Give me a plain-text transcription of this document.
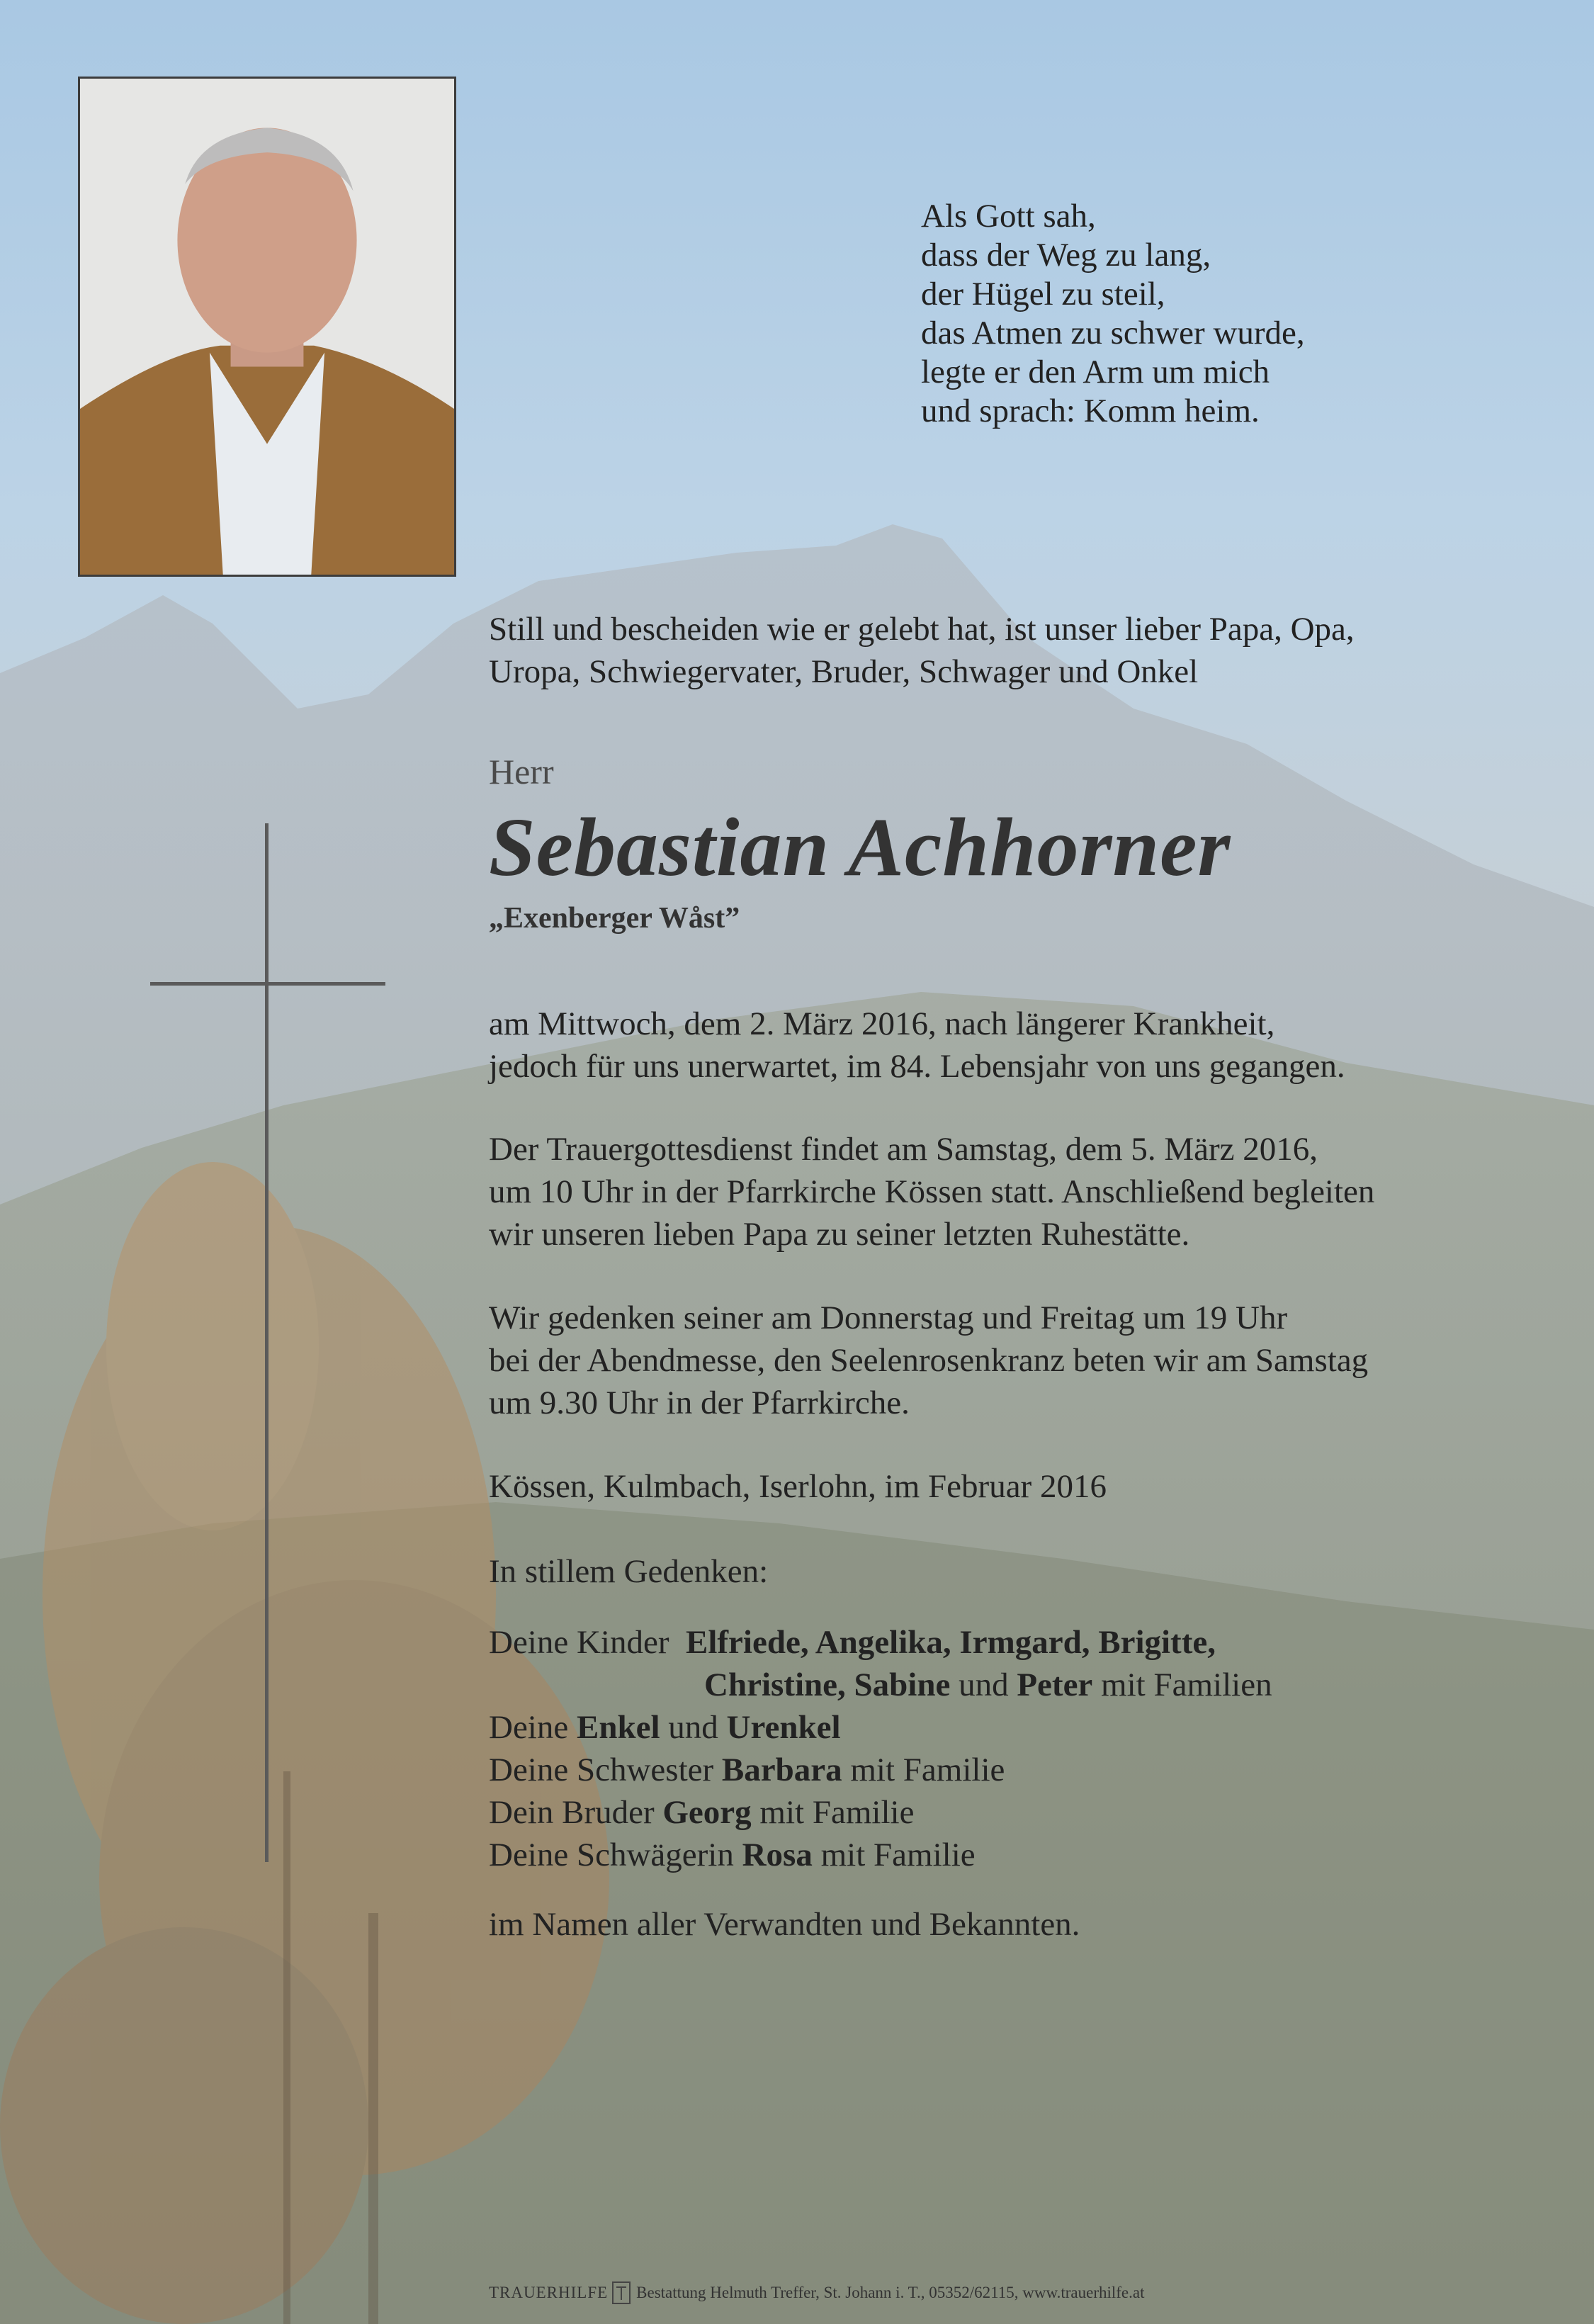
Als Gott sah,
dass der Weg zu lang,
der Hügel zu steil,
das Atmen zu schwer wurde,
legte er den Arm um mich
und sprach: Komm heim.

Still und bescheiden wie er gelebt hat, ist unser lieber Papa, Opa,

Uropa, Schwiegervater, Bruder, Schwager und Onkel

Herr
Sebastian Achhorner
„Exenberger Wåst”

am Mittwoch, dem 2. März 2016, nach längerer Krankheit,

jedoch für uns unerwartet, im 84. Lebensjahr von uns gegangen.

Der Trauergottesdienst findet am Samstag, dem 5. März 2016,

um 10 Uhr in der Pfarrkirche Kössen statt. Anschließend begleiten

wir unseren lieben Papa zu seiner letzten Ruhestätte.

Wir gedenken seiner am Donnerstag und Freitag um 19 Uhr

bei der Abendmesse, den Seelenrosenkranz beten wir am Samstag

um 9.30 Uhr in der Pfarrkirche.

Kössen, Kulmbach, Iserlohn, im Februar 2016

In stillem Gedenken:

Deine Kinder Elfriede, Angelika, Irmgard, Brigitte,
Christine, Sabine und Peter mit Familien
Deine Enkel und Urenkel
Deine Schwester Barbara mit Familie
Dein Bruder Georg mit Familie
Deine Schwägerin Rosa mit Familie

im Namen aller Verwandten und Bekannten.

TRAUERHILFE Bestattung Helmuth Treffer, St. Johann i. T., 05352/62115, www.trauerhilfe.at
